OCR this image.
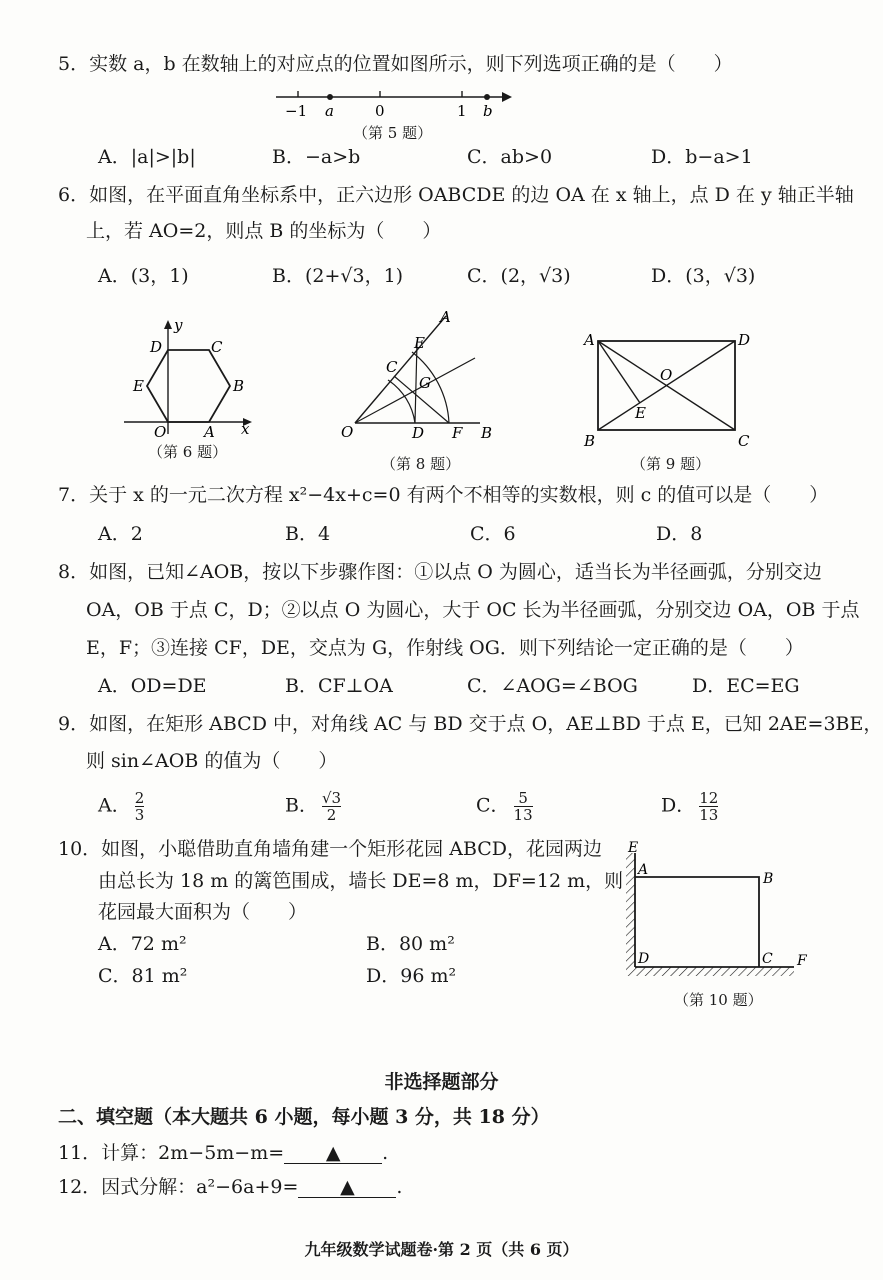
5．实数 a，b 在数轴上的对应点的位置如图所示，则下列选项正确的是（　　）
−1 a	0	1 b
（第 5 题）
A．|a|>|b|	B．−a>b	C．ab>0	D．b−a>1
6．如图，在平面直角坐标系中，正六边形 OABCDE 的边 OA 在 x 轴上，点 D 在 y 轴正半轴
上，若 AO=2，则点 B 的坐标为（　　）
A．(3，1)	B．(2+√3，1)	C．(2，√3)	D．(3，√3)
y
D	C
E	B
O	A x
（第 6 题）
A
E
C
G
O	D F B
（第 8 题）
A	D
O
E
B	C
（第 9 题）
7．关于 x 的一元二次方程 x²−4x+c=0 有两个不相等的实数根，则 c 的值可以是（　　）
A．2	B．4	C．6	D．8
8．如图，已知∠AOB，按以下步骤作图：①以点 O 为圆心，适当长为半径画弧，分别交边
OA，OB 于点 C，D；②以点 O 为圆心，大于 OC 长为半径画弧，分别交边 OA，OB 于点
E，F；③连接 CF，DE，交点为 G，作射线 OG．则下列结论一定正确的是（　　）
A．OD=DE	B．CF⊥OA	C．∠AOG=∠BOG	D．EC=EG
9．如图，在矩形 ABCD 中，对角线 AC 与 BD 交于点 O，AE⊥BD 于点 E，已知 2AE=3BE，
则 sin∠AOB 的值为（　　）
A． $\frac{2}{3}$	B． $\frac{√3}{2}$	C． $\frac{5}{13}$	D． $\frac{12}{13}$
10．如图，小聪借助直角墙角建一个矩形花园 ABCD，花园两边
由总长为 18 m 的篱笆围成，墙长 DE=8 m，DF=12 m，则
花园最大面积为（　　）
A．72 m²	B．80 m²
C．81 m²	D．96 m²
E
A
B
D	C F
（第 10 题）
非选择题部分
二、填空题（本大题共 6 小题，每小题 3 分，共 18 分）
11．计算：2m−5m−m= ▲ .
12．因式分解：a²−6a+9= ▲ .
九年级数学试题卷·第 2 页（共 6 页）
